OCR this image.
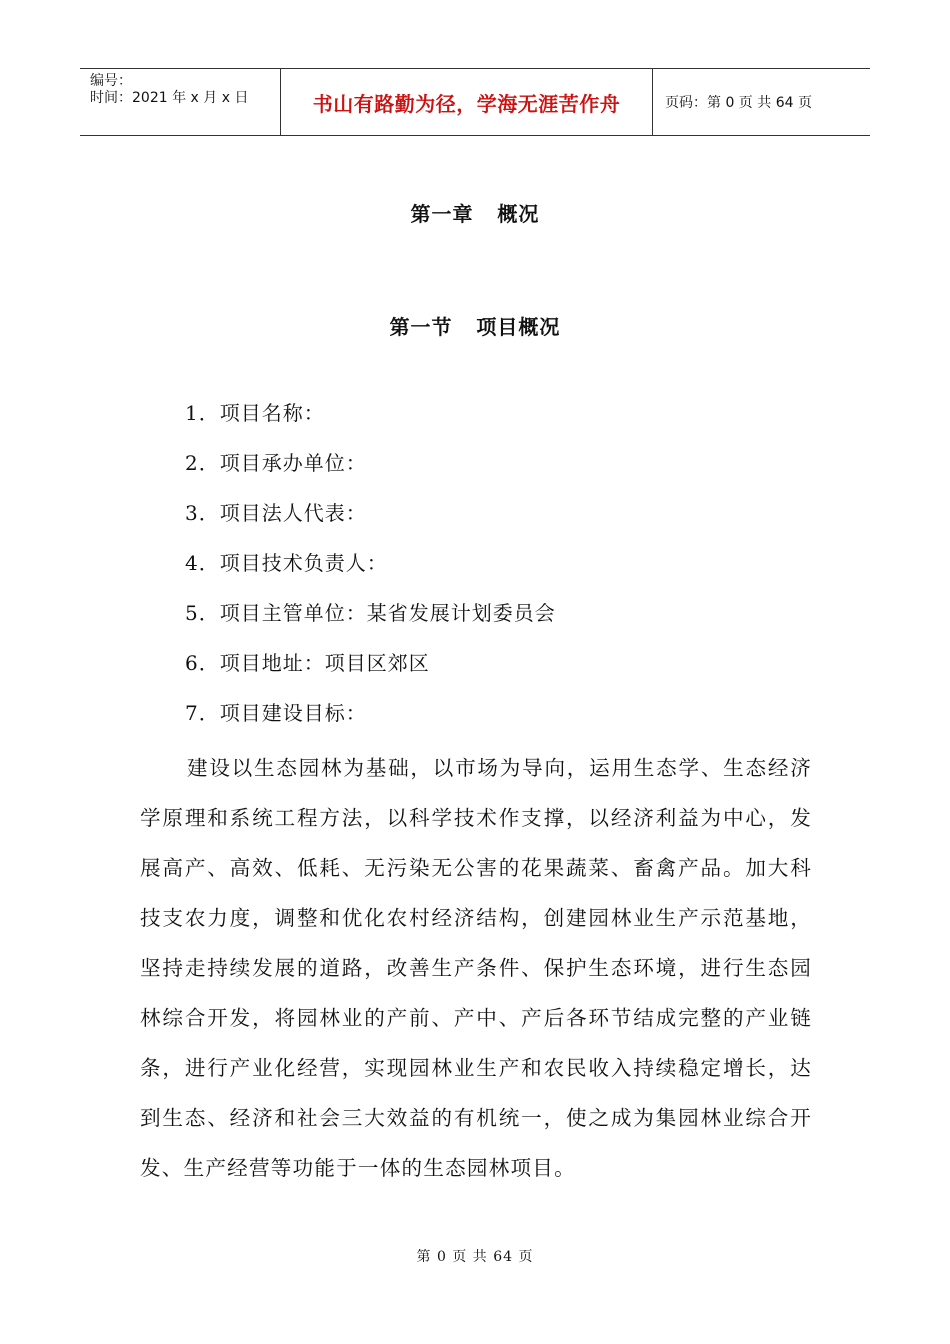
编号：
时间：2021 年 x 月 x 日	书山有路勤为径，学海无涯苦作舟	页码：第 0 页 共 64 页
第一章   概况
第一节   项目概况
1．项目名称：
2．项目承办单位：
3．项目法人代表：
4．项目技术负责人：
5．项目主管单位：某省发展计划委员会
6．项目地址：项目区郊区
7．项目建设目标：

建设以生态园林为基础，以市场为导向，运用生态学、生态经济学原理和系统工程方法，以科学技术作支撑，以经济利益为中心，发展高产、高效、低耗、无污染无公害的花果蔬菜、畜禽产品。加大科技支农力度，调整和优化农村经济结构，创建园林业生产示范基地，坚持走持续发展的道路，改善生产条件、保护生态环境，进行生态园林综合开发，将园林业的产前、产中、产后各环节结成完整的产业链条，进行产业化经营，实现园林业生产和农民收入持续稳定增长，达到生态、经济和社会三大效益的有机统一，使之成为集园林业综合开发、生产经营等功能于一体的生态园林项目。

第 0 页 共 64 页
